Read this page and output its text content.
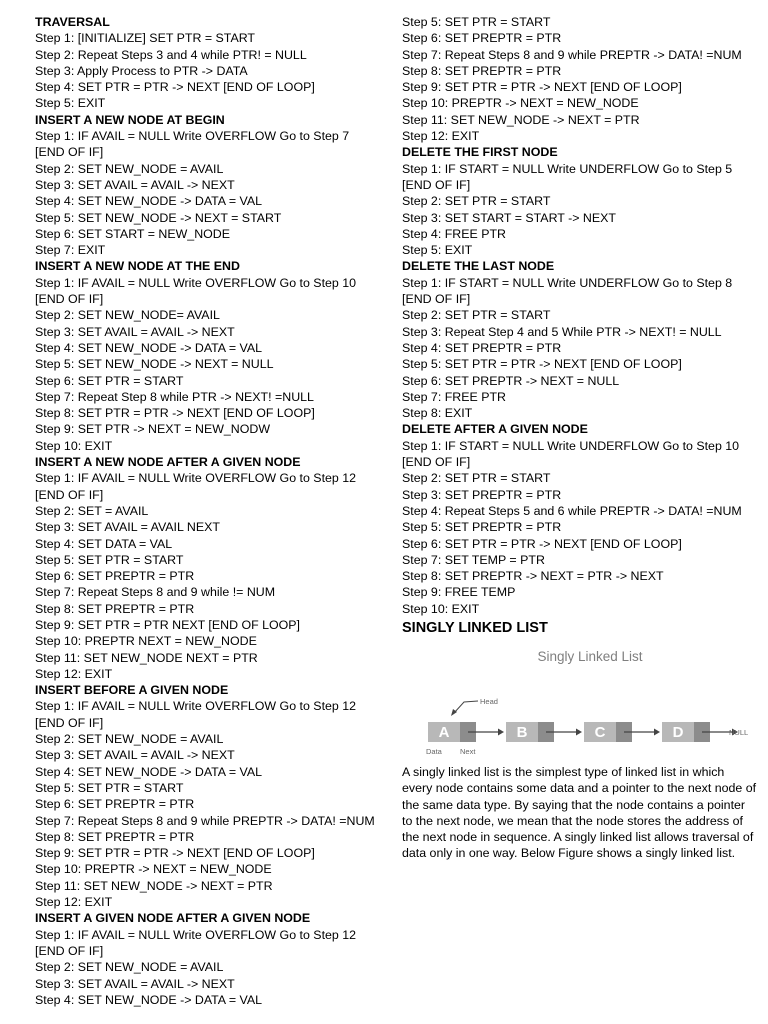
TRAVERSAL
Step 1: [INITIALIZE] SET PTR = START
Step 2: Repeat Steps 3 and 4 while PTR! = NULL
Step 3: Apply Process to PTR -> DATA
Step 4: SET PTR = PTR -> NEXT [END OF LOOP]
Step 5: EXIT
INSERT A NEW NODE AT BEGIN
Step 1: IF AVAIL = NULL Write OVERFLOW Go to Step 7
[END OF IF]
Step 2: SET NEW_NODE = AVAIL
Step 3: SET AVAIL = AVAIL -> NEXT
Step 4: SET NEW_NODE -> DATA = VAL
Step 5: SET NEW_NODE -> NEXT = START
Step 6: SET START = NEW_NODE
Step 7: EXIT
INSERT A NEW NODE AT THE END
Step 1: IF AVAIL = NULL Write OVERFLOW Go to Step 10
[END OF IF]
Step 2: SET NEW_NODE= AVAIL
Step 3: SET AVAIL = AVAIL -> NEXT
Step 4: SET NEW_NODE -> DATA = VAL
Step 5: SET NEW_NODE -> NEXT = NULL
Step 6: SET PTR = START
Step 7: Repeat Step 8 while PTR -> NEXT! =NULL
Step 8: SET PTR = PTR -> NEXT [END OF LOOP]
Step 9: SET PTR -> NEXT = NEW_NODW
Step 10: EXIT
INSERT A NEW NODE AFTER A GIVEN NODE
Step 1: IF AVAIL = NULL Write OVERFLOW Go to Step 12
[END OF IF]
Step 2: SET = AVAIL
Step 3: SET AVAIL = AVAIL NEXT
Step 4: SET DATA = VAL
Step 5: SET PTR = START
Step 6: SET PREPTR = PTR
Step 7: Repeat Steps 8 and 9 while != NUM
Step 8: SET PREPTR = PTR
Step 9: SET PTR = PTR NEXT [END OF LOOP]
Step 10: PREPTR NEXT = NEW_NODE
Step 11: SET NEW_NODE NEXT = PTR
Step 12: EXIT
INSERT BEFORE A GIVEN NODE
Step 1: IF AVAIL = NULL Write OVERFLOW Go to Step 12
[END OF IF]
Step 2: SET NEW_NODE = AVAIL
Step 3: SET AVAIL = AVAIL -> NEXT
Step 4: SET NEW_NODE -> DATA = VAL
Step 5: SET PTR = START
Step 6: SET PREPTR = PTR
Step 7: Repeat Steps 8 and 9 while PREPTR -> DATA! =NUM
Step 8: SET PREPTR = PTR
Step 9: SET PTR = PTR -> NEXT [END OF LOOP]
Step 10: PREPTR -> NEXT = NEW_NODE
Step 11: SET NEW_NODE -> NEXT = PTR
Step 12: EXIT
INSERT A GIVEN NODE AFTER A GIVEN NODE
Step 1: IF AVAIL = NULL Write OVERFLOW Go to Step 12
[END OF IF]
Step 2: SET NEW_NODE = AVAIL
Step 3: SET AVAIL = AVAIL -> NEXT
Step 4: SET NEW_NODE -> DATA = VAL
Step 5: SET PTR = START
Step 6: SET PREPTR = PTR
Step 7: Repeat Steps 8 and 9 while PREPTR -> DATA! =NUM
Step 8: SET PREPTR = PTR
Step 9: SET PTR = PTR -> NEXT [END OF LOOP]
Step 10: PREPTR -> NEXT = NEW_NODE
Step 11: SET NEW_NODE -> NEXT = PTR
Step 12: EXIT
DELETE THE FIRST NODE
Step 1: IF START = NULL Write UNDERFLOW Go to Step 5
[END OF IF]
Step 2: SET PTR = START
Step 3: SET START = START -> NEXT
Step 4: FREE PTR
Step 5: EXIT
DELETE THE LAST NODE
Step 1: IF START = NULL Write UNDERFLOW Go to Step 8
[END OF IF]
Step 2: SET PTR = START
Step 3: Repeat Step 4 and 5 While PTR -> NEXT! = NULL
Step 4: SET PREPTR = PTR
Step 5: SET PTR = PTR -> NEXT [END OF LOOP]
Step 6: SET PREPTR -> NEXT = NULL
Step 7: FREE PTR
Step 8: EXIT
DELETE AFTER A GIVEN NODE
Step 1: IF START = NULL Write UNDERFLOW Go to Step 10
[END OF IF]
Step 2: SET PTR = START
Step 3: SET PREPTR = PTR
Step 4: Repeat Steps 5 and 6 while PREPTR -> DATA! =NUM
Step 5: SET PREPTR = PTR
Step 6: SET PTR = PTR -> NEXT [END OF LOOP]
Step 7: SET TEMP = PTR
Step 8: SET PREPTR -> NEXT = PTR -> NEXT
Step 9: FREE TEMP
Step 10: EXIT
SINGLY LINKED LIST
Singly Linked List
Head
A	B	C	D	NULL
Data Next
A singly linked list is the simplest type of linked list in which every node contains some data and a pointer to the next node of the same data type. By saying that the node contains a pointer to the next node, we mean that the node stores the address of the next node in sequence. A singly linked list allows traversal of data only in one way. Below Figure shows a singly linked list.
